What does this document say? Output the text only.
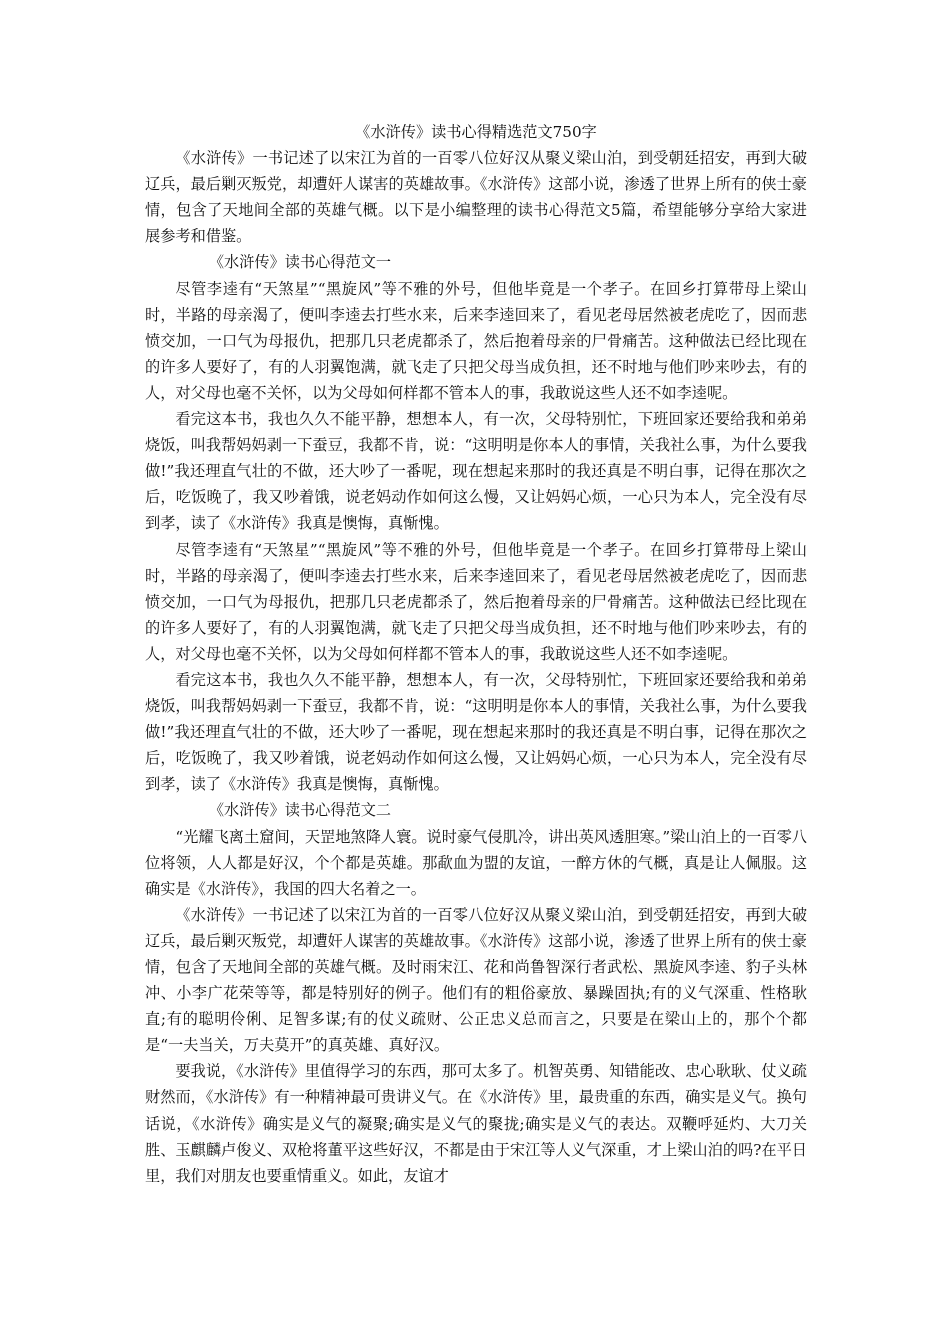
《水浒传》读书心得精选范文750字

《水浒传》一书记述了以宋江为首的一百零八位好汉从聚义梁山泊，到受朝廷招安，再到大破辽兵，最后剿灭叛党，却遭奸人谋害的英雄故事。《水浒传》这部小说，渗透了世界上所有的侠士豪情，包含了天地间全部的英雄气概。以下是小编整理的读书心得范文5篇，希望能够分享给大家进展参考和借鉴。

《水浒传》读书心得范文一

尽管李逵有“天煞星”“黑旋风”等不雅的外号，但他毕竟是一个孝子。在回乡打算带母上梁山时，半路的母亲渴了，便叫李逵去打些水来，后来李逵回来了，看见老母居然被老虎吃了，因而悲愤交加，一口气为母报仇，把那几只老虎都杀了，然后抱着母亲的尸骨痛苦。这种做法已经比现在的许多人要好了，有的人羽翼饱满，就飞走了只把父母当成负担，还不时地与他们吵来吵去，有的人，对父母也毫不关怀，以为父母如何样都不管本人的事，我敢说这些人还不如李逵呢。

看完这本书，我也久久不能平静，想想本人，有一次，父母特别忙，下班回家还要给我和弟弟烧饭，叫我帮妈妈剥一下蚕豆，我都不肯，说：“这明明是你本人的事情，关我社么事，为什么要我做!”我还理直气壮的不做，还大吵了一番呢，现在想起来那时的我还真是不明白事，记得在那次之后，吃饭晚了，我又吵着饿，说老妈动作如何这么慢，又让妈妈心烦，一心只为本人，完全没有尽到孝，读了《水浒传》我真是懊悔，真惭愧。

尽管李逵有“天煞星”“黑旋风”等不雅的外号，但他毕竟是一个孝子。在回乡打算带母上梁山时，半路的母亲渴了，便叫李逵去打些水来，后来李逵回来了，看见老母居然被老虎吃了，因而悲愤交加，一口气为母报仇，把那几只老虎都杀了，然后抱着母亲的尸骨痛苦。这种做法已经比现在的许多人要好了，有的人羽翼饱满，就飞走了只把父母当成负担，还不时地与他们吵来吵去，有的人，对父母也毫不关怀，以为父母如何样都不管本人的事，我敢说这些人还不如李逵呢。

看完这本书，我也久久不能平静，想想本人，有一次，父母特别忙，下班回家还要给我和弟弟烧饭，叫我帮妈妈剥一下蚕豆，我都不肯，说：“这明明是你本人的事情，关我社么事，为什么要我做!”我还理直气壮的不做，还大吵了一番呢，现在想起来那时的我还真是不明白事，记得在那次之后，吃饭晚了，我又吵着饿，说老妈动作如何这么慢，又让妈妈心烦，一心只为本人，完全没有尽到孝，读了《水浒传》我真是懊悔，真惭愧。

《水浒传》读书心得范文二

“光耀飞离土窟间，天罡地煞降人寰。说时豪气侵肌冷，讲出英风透胆寒。”梁山泊上的一百零八位将领，人人都是好汉，个个都是英雄。那歃血为盟的友谊，一醉方休的气概，真是让人佩服。这确实是《水浒传》，我国的四大名着之一。

《水浒传》一书记述了以宋江为首的一百零八位好汉从聚义梁山泊，到受朝廷招安，再到大破辽兵，最后剿灭叛党，却遭奸人谋害的英雄故事。《水浒传》这部小说，渗透了世界上所有的侠士豪情，包含了天地间全部的英雄气概。及时雨宋江、花和尚鲁智深行者武松、黑旋风李逵、豹子头林冲、小李广花荣等等，都是特别好的例子。他们有的粗俗豪放、暴躁固执;有的义气深重、性格耿直;有的聪明伶俐、足智多谋;有的仗义疏财、公正忠义总而言之，只要是在梁山上的，那个个都是“一夫当关，万夫莫开”的真英雄、真好汉。

要我说，《水浒传》里值得学习的东西，那可太多了。机智英勇、知错能改、忠心耿耿、仗义疏财然而，《水浒传》有一种精神最可贵讲义气。在《水浒传》里，最贵重的东西，确实是义气。换句话说，《水浒传》确实是义气的凝聚;确实是义气的聚拢;确实是义气的表达。双鞭呼延灼、大刀关胜、玉麒麟卢俊义、双枪将董平这些好汉，不都是由于宋江等人义气深重，才上梁山泊的吗?在平日里，我们对朋友也要重情重义。如此，友谊才
